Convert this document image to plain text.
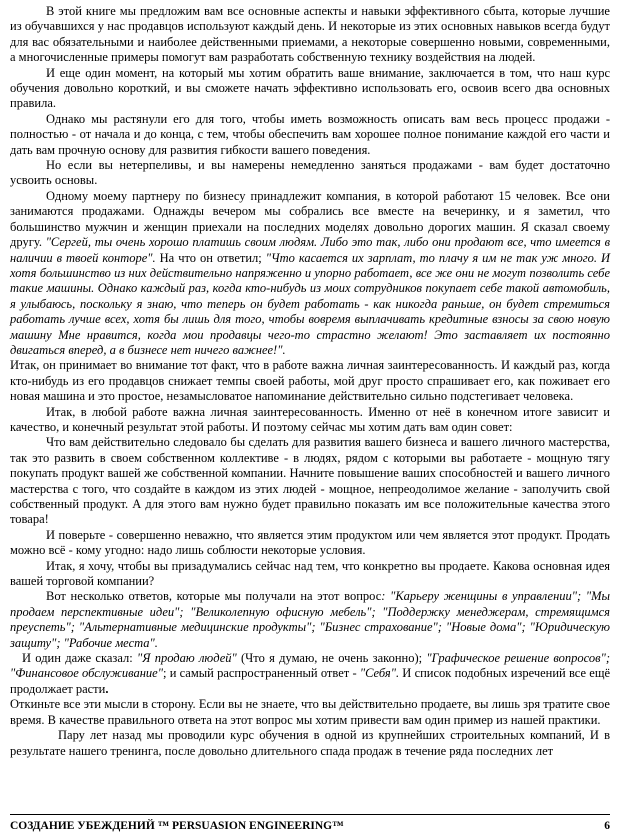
В этой книге мы предложим вам все основные аспекты и навыки эффективного сбыта, которые лучшие из обучавшихся у нас продавцов используют каждый день. И некоторые из этих основных навыков всегда будут для вас обязательными и наиболее действенными приемами, а некоторые совершенно новыми, современными, а многочисленные примеры помогут вам разработать собственную технику воздействия на людей.

И еще один момент, на который мы хотим обратить ваше внимание, заключается в том, что наш курс обучения довольно короткий, и вы сможете начать эффективно использовать его, освоив всего два основных правила.

Однако мы растянули его для того, чтобы иметь возможность описать вам весь процесс продажи - полностью - от начала и до конца, с тем, чтобы обеспечить вам хорошее полное понимание каждой его части и дать вам прочную основу для развития гибкости вашего поведения.

Но если вы нетерпеливы, и вы намерены немедленно заняться продажами - вам будет достаточно усвоить основы.

Одному моему партнеру по бизнесу принадлежит компания, в которой работают 15 человек. Все они занимаются продажами. Однажды вечером мы собрались все вместе на вечеринку, и я заметил, что большинство мужчин и женщин приехали на последних моделях довольно дорогих машин. Я сказал своему другу. "Сергей, ты очень хорошо платишь своим людям. Либо это так, либо они продают все, что имеется в наличии в твоей конторе". На что он ответил; "Что касается их зарплат, то плачу я им не так уж много. И хотя большинство из них действительно напряженно и упорно работает, все же они не могут позволить себе такие машины. Однако каждый раз, когда кто-нибудь из моих сотрудников покупает себе такой автомобиль, я улыбаюсь, поскольку я знаю, что теперь он будет работать - как никогда раньше, он будет стремиться работать лучше всех, хотя бы лишь для того, чтобы вовремя выплачивать кредитные взносы за свою новую машину Мне нравится, когда мои продавцы чего-то страстно желают! Это заставляет их постоянно двигаться вперед, а в бизнесе нет ничего важнее!".

Итак, он принимает во внимание тот факт, что в работе важна личная заинтересованность. И каждый раз, когда кто-нибудь из его продавцов снижает темпы своей работы, мой друг просто спрашивает его, как поживает его новая машина и это простое, незамысловатое напоминание действительно сильно подстегивает человека.

Итак, в любой работе важна личная заинтересованность. Именно от неё в конечном итоге зависит и качество, и конечный результат этой работы. И поэтому сейчас мы хотим дать вам один совет:

Что вам действительно следовало бы сделать для развития вашего бизнеса и вашего личного мастерства, так это развить в своем собственном коллективе - в людях, рядом с которыми вы работаете - мощную тягу покупать продукт вашей же собственной компании. Начните повышение ваших способностей и вашего личного мастерства с того, что создайте в каждом из этих людей - мощное, непреодолимое желание - заполучить свой собственный продукт. А для этого вам нужно будет правильно показать им все положительные качества этого товара!

И поверьте - совершенно неважно, что является этим продуктом или чем является этот продукт. Продать можно всё - кому угодно: надо лишь соблюсти некоторые условия.

Итак, я хочу, чтобы вы призадумались сейчас над тем, что конкретно вы продаете. Какова основная идея вашей торговой компании?

Вот несколько ответов, которые мы получали на этот вопрос: "Карьеру женщины в управлении"; "Мы продаем перспективные идеи"; "Великолепную офисную мебель"; "Поддержку менеджерам, стремящимся преуспеть"; "Альтернативные медицинские продукты"; "Бизнес страхование"; "Новые дома"; "Юридическую защиту"; "Рабочие места".

И один даже сказал: "Я продаю людей" (Что я думаю, не очень законно); "Графическое решение вопросов"; "Финансовое обслуживание"; и самый распространенный ответ - "Себя". И список подобных изречений все ещё продолжает расти.

Откиньте все эти мысли в сторону. Если вы не знаете, что вы действительно продаете, вы лишь зря тратите свое время. В качестве правильного ответа на этот вопрос мы хотим привести вам один пример из нашей практики.

Пару лет назад мы проводили курс обучения в одной из крупнейших строительных компаний, И в результате нашего тренинга, после довольно длительного спада продаж в течение ряда последних лет

СОЗДАНИЕ УБЕЖДЕНИЙ ™ PERSUASION ENGINEERING™	6
